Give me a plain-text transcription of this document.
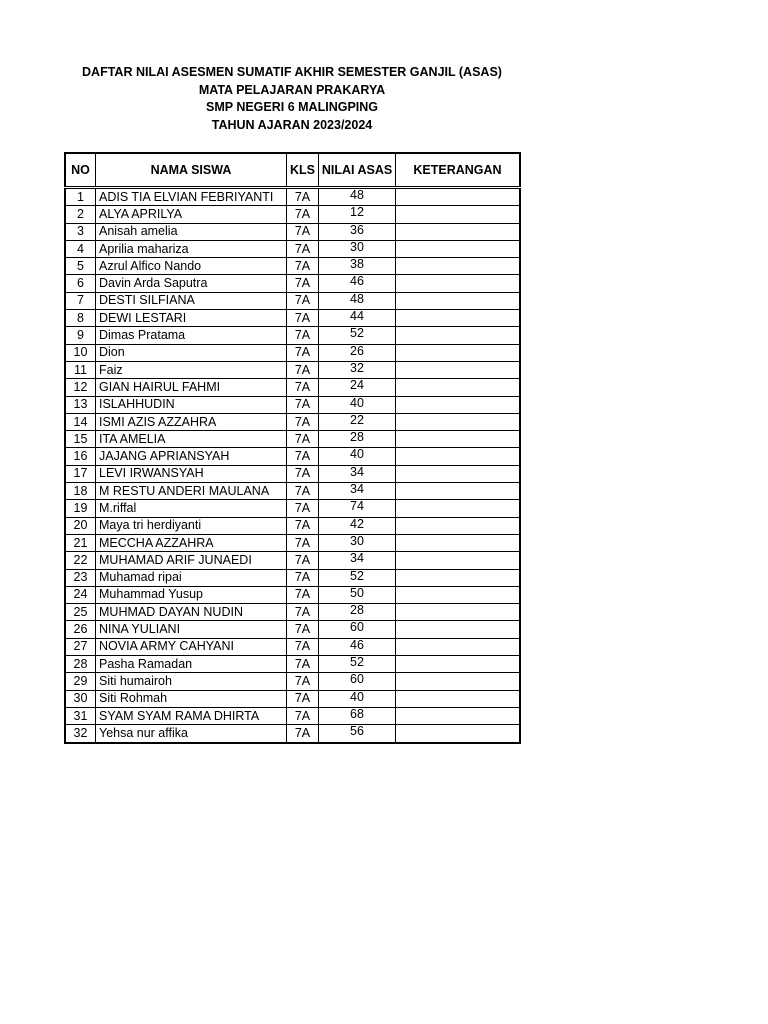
DAFTAR NILAI ASESMEN SUMATIF AKHIR SEMESTER GANJIL (ASAS)
MATA PELAJARAN PRAKARYA
SMP NEGERI 6 MALINGPING
TAHUN AJARAN 2023/2024
NO	NAMA SISWA	KLS	NILAI ASAS	KETERANGAN
1	ADIS TIA ELVIAN FEBRIYANTI	7A	48	
2	ALYA APRILYA	7A	12	
3	Anisah amelia	7A	36	
4	Aprilia mahariza	7A	30	
5	Azrul Alfico Nando	7A	38	
6	Davin Arda Saputra	7A	46	
7	DESTI SILFIANA	7A	48	
8	DEWI LESTARI	7A	44	
9	Dimas Pratama	7A	52	
10	Dion	7A	26	
11	Faiz	7A	32	
12	GIAN HAIRUL FAHMI	7A	24	
13	ISLAHHUDIN	7A	40	
14	ISMI AZIS AZZAHRA	7A	22	
15	ITA AMELIA	7A	28	
16	JAJANG APRIANSYAH	7A	40	
17	LEVI IRWANSYAH	7A	34	
18	M RESTU ANDERI MAULANA	7A	34	
19	M.riffal	7A	74	
20	Maya tri herdiyanti	7A	42	
21	MECCHA AZZAHRA	7A	30	
22	MUHAMAD ARIF JUNAEDI	7A	34	
23	Muhamad ripai	7A	52	
24	Muhammad Yusup	7A	50	
25	MUHMAD DAYAN NUDIN	7A	28	
26	NINA YULIANI	7A	60	
27	NOVIA ARMY CAHYANI	7A	46	
28	Pasha Ramadan	7A	52	
29	Siti humairoh	7A	60	
30	Siti Rohmah	7A	40	
31	SYAM SYAM RAMA DHIRTA	7A	68	
32	Yehsa nur affika	7A	56	
